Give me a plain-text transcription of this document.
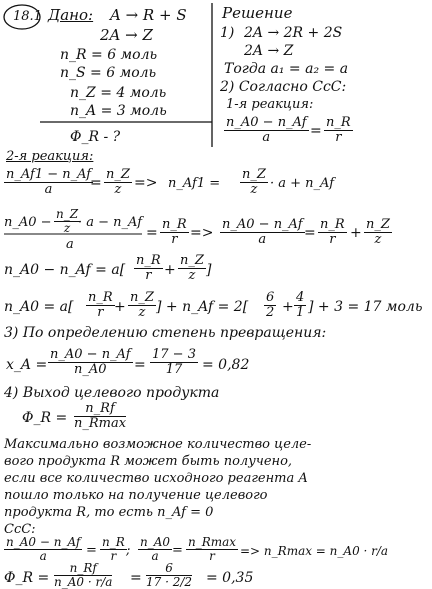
18.1 Дано: A → R + S
2A → Z
n_R = 6 моль
n_S = 6 моль
n_Z = 4 моль
n_A = 3 моль
Φ_R - ?
Решение
1) 2A → 2R + 2S
2A → Z
Тогда a₁ = a₂ = a
2) Согласно СсС:
1-я реакция:
$\frac{n\_A0 - n\_Af}{a} = \frac{n\_R}{r}$
2-я реакция:
$\frac{n\_Af1 - n\_Af}{a}$
= $\frac{n\_Z}{z}$ => n_Af1 = $\frac{n\_Z}{z} \cdot a$ + n_Af
n_A0 − $\frac{n\_Z}{z}$
· a − n_Af
a
= $\frac{n\_R}{r} => \frac{n\_A0 - n\_Af}{a} = \frac{n\_R}{r} + \frac{n\_Z}{z}$
n_A0 − n_Af = $a[ \frac{n\_R}{r} + \frac{n\_Z}{z}$ ]
n_A0 = $a[ \frac{n\_R}{r} + \frac{n\_Z}{z}$ ] + n_Af = $2[ \frac{6}{2} + \frac{4}{1}$ ] + 3 = 17 моль
3) По определению степень превращения:
x_A = $\frac{n\_A0 - n\_Af}{n\_A0} = \frac{17 - 3}{17} = 0,82$
4) Выход целевого продукта
Φ_R =
n_Rf
n_Rmax
Максимально возможное количество целе-
вого продукта R может быть получено,
если все количество исходного реагента A
пошло только на получение целевого
продукта R, то есть n_Af = 0
СсС:
$\frac{n\_A0 - n\_Af}{a} = \frac{n\_R}{r}$ ; $\frac{n\_A0}{a}$ =
n_Rmax
r	=> n_Rmax = n_A0 · r/a
Φ_R = $\frac{n\_Rf}{n\_A0 \cdot r/a} = \frac{6}{17 \cdot 2/2} = 0,35$
